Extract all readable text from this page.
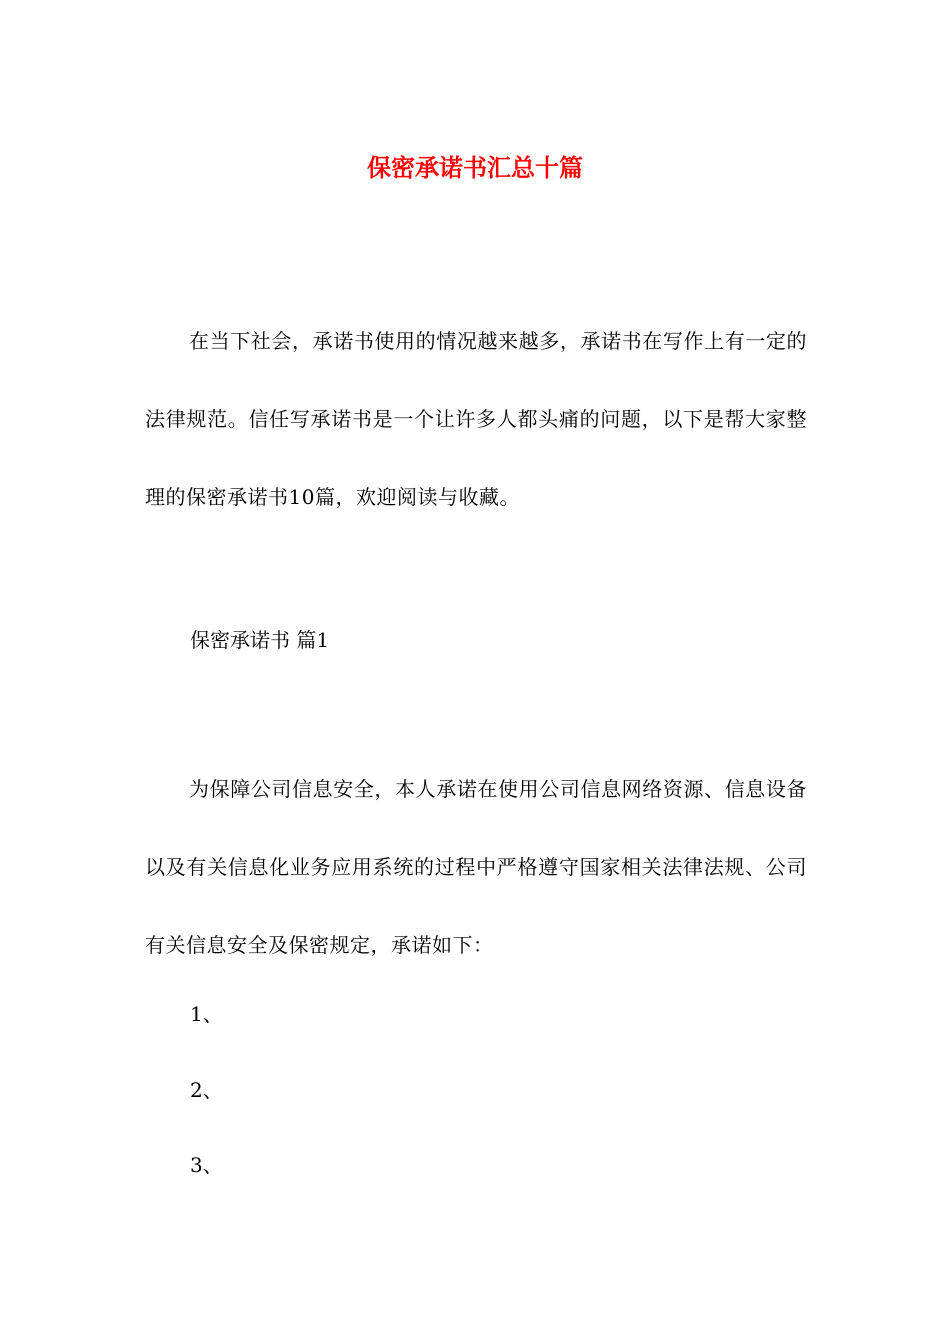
保密承诺书汇总十篇

在当下社会，承诺书使用的情况越来越多，承诺书在写作上有一定的法律规范。信任写承诺书是一个让许多人都头痛的问题，以下是帮大家整理的保密承诺书10篇，欢迎阅读与收藏。

保密承诺书 篇1

为保障公司信息安全，本人承诺在使用公司信息网络资源、信息设备以及有关信息化业务应用系统的过程中严格遵守国家相关法律法规、公司有关信息安全及保密规定，承诺如下：

1、

2、

3、
